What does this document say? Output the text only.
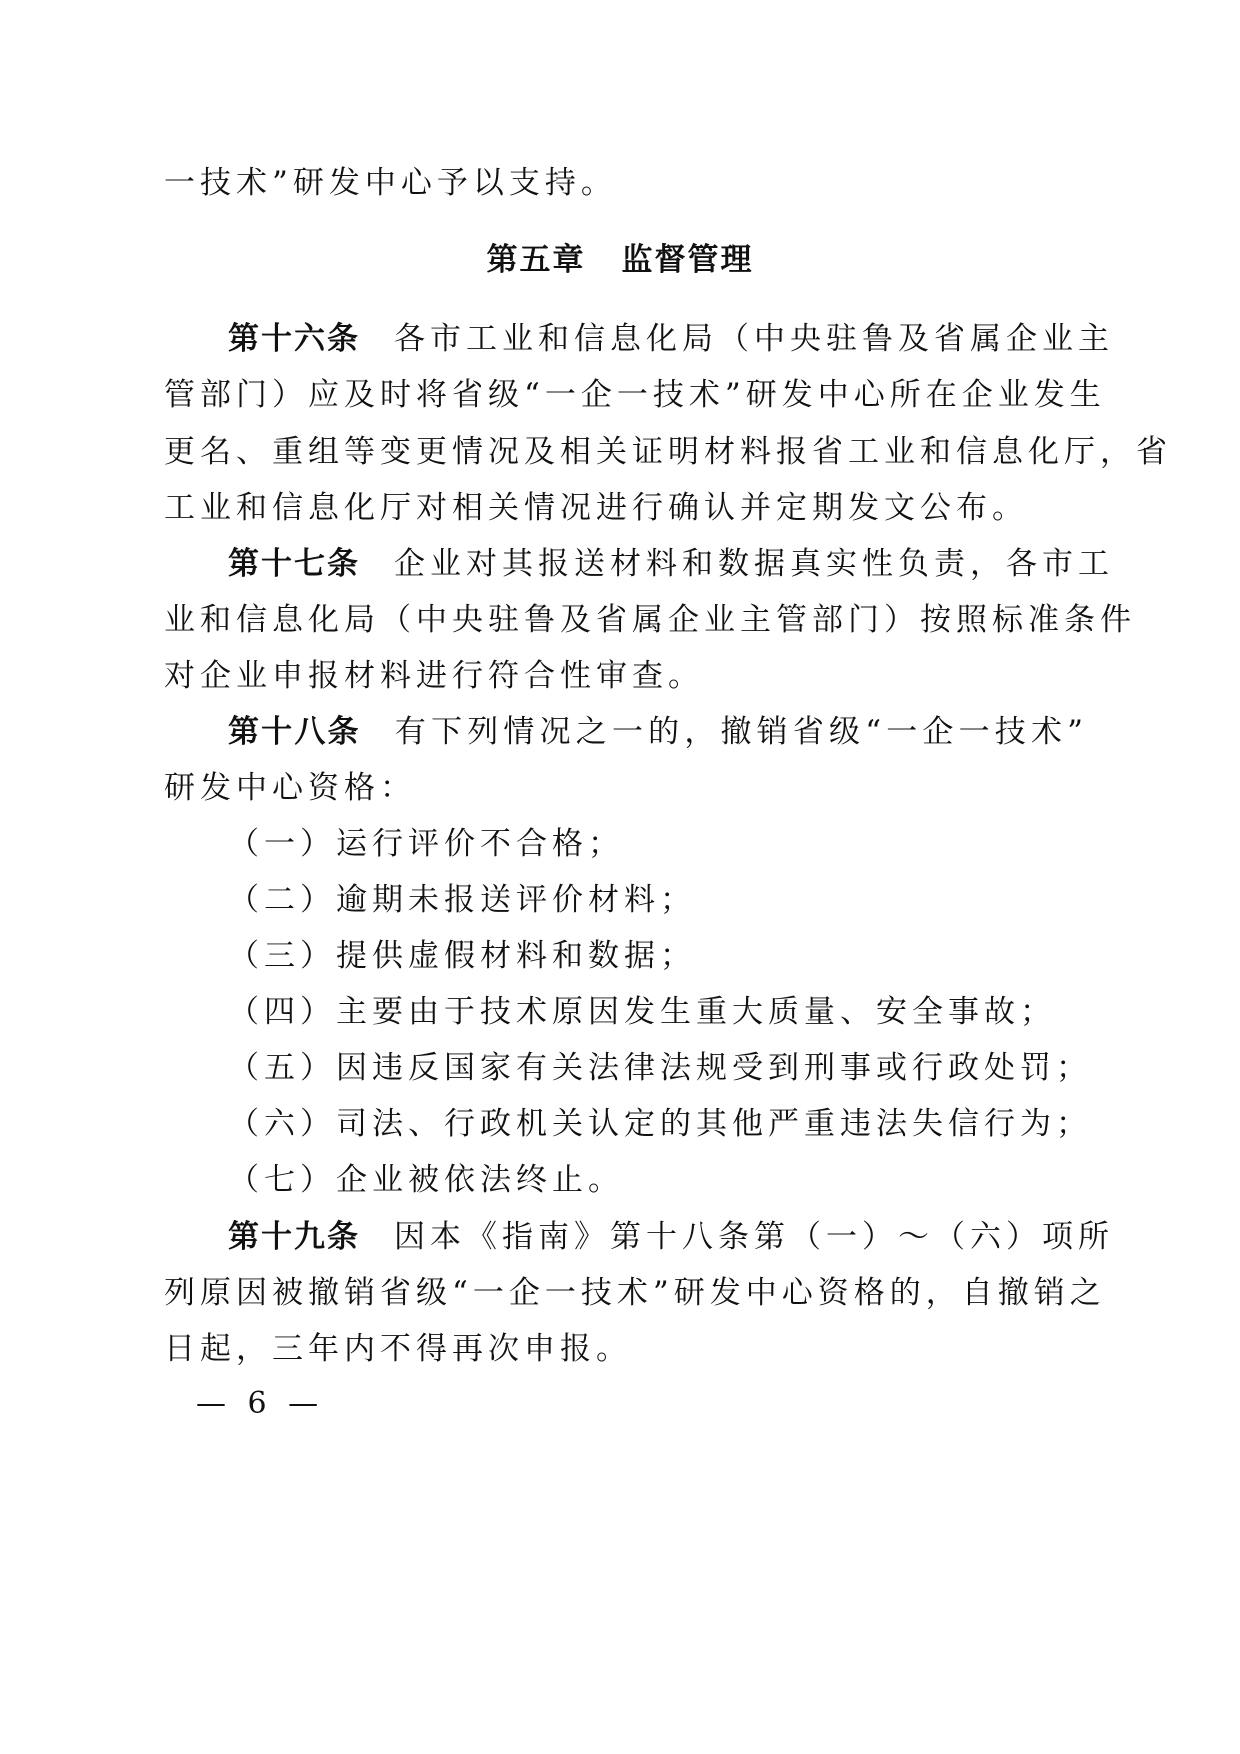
一技术”研发中心予以支持。
第五章 监督管理
第十六条 各市工业和信息化局（中央驻鲁及省属企业主
管部门）应及时将省级“一企一技术”研发中心所在企业发生
更名、重组等变更情况及相关证明材料报省工业和信息化厅，省
工业和信息化厅对相关情况进行确认并定期发文公布。
第十七条 企业对其报送材料和数据真实性负责，各市工
业和信息化局（中央驻鲁及省属企业主管部门）按照标准条件
对企业申报材料进行符合性审查。
第十八条 有下列情况之一的，撤销省级“一企一技术”
研发中心资格：
（一）运行评价不合格；
（二）逾期未报送评价材料；
（三）提供虚假材料和数据；
（四）主要由于技术原因发生重大质量、安全事故；
（五）因违反国家有关法律法规受到刑事或行政处罚；
（六）司法、行政机关认定的其他严重违法失信行为；
（七）企业被依法终止。
第十九条 因本《指南》第十八条第（一）～（六）项所
列原因被撤销省级“一企一技术”研发中心资格的，自撤销之
日起，三年内不得再次申报。
— 6 —
